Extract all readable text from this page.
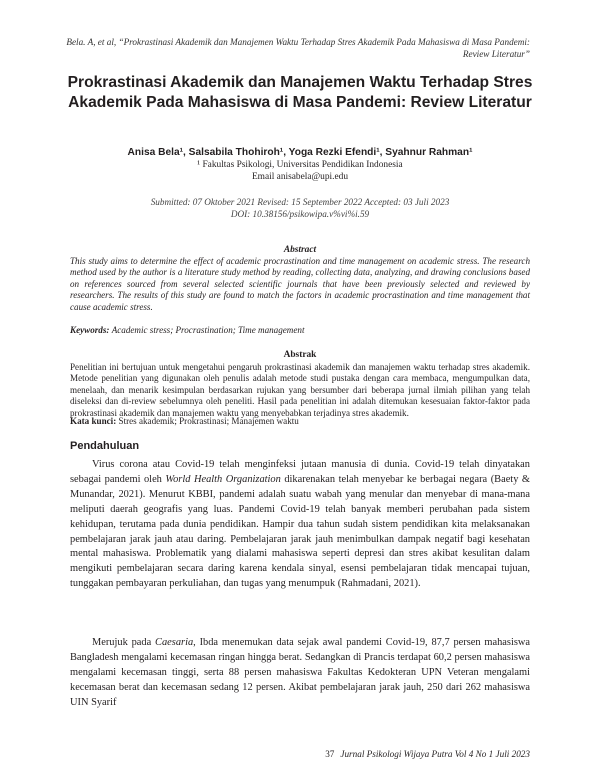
Bela. A, et al, “Prokrastinasi Akademik dan Manajemen Waktu Terhadap Stres Akademik Pada Mahasiswa di Masa Pandemi: Review Literatur”
Prokrastinasi Akademik dan Manajemen Waktu Terhadap Stres Akademik Pada Mahasiswa di Masa Pandemi: Review Literatur
Anisa Bela¹, Salsabila Thohiroh¹, Yoga Rezki Efendi¹, Syahnur Rahman¹
¹ Fakultas Psikologi, Universitas Pendidikan Indonesia
Email anisabela@upi.edu
Submitted: 07 Oktober 2021 Revised: 15 September 2022 Accepted: 03 Juli 2023
DOI: 10.38156/psikowipa.v%vi%i.59
Abstract
This study aims to determine the effect of academic procrastination and time management on academic stress. The research method used by the author is a literature study method by reading, collecting data, analyzing, and drawing conclusions based on references sourced from several selected scientific journals that have been previously selected and reviewed by researchers. The results of this study are found to match the factors in academic procrastination and time management that cause academic stress.
Keywords: Academic stress; Procrastination; Time management
Abstrak
Penelitian ini bertujuan untuk mengetahui pengaruh prokrastinasi akademik dan manajemen waktu terhadap stres akademik. Metode penelitian yang digunakan oleh penulis adalah metode studi pustaka dengan cara membaca, mengumpulkan data, menelaah, dan menarik kesimpulan berdasarkan rujukan yang bersumber dari beberapa jurnal ilmiah pilihan yang telah diseleksi dan di-review sebelumnya oleh peneliti. Hasil pada penelitian ini adalah ditemukan kesesuaian faktor-faktor pada prokrastinasi akademik dan manajemen waktu yang menyebabkan terjadinya stres akademik.
Kata kunci: Stres akademik; Prokrastinasi; Manajemen waktu
Pendahuluan
Virus corona atau Covid-19 telah menginfeksi jutaan manusia di dunia. Covid-19 telah dinyatakan sebagai pandemi oleh World Health Organization dikarenakan telah menyebar ke berbagai negara (Baety & Munandar, 2021). Menurut KBBI, pandemi adalah suatu wabah yang menular dan menyebar di mana-mana meliputi daerah geografis yang luas. Pandemi Covid-19 telah banyak memberi perubahan pada sistem kehidupan, terutama pada dunia pendidikan. Hampir dua tahun sudah sistem pendidikan kita melaksanakan pembelajaran jarak jauh atau daring. Pembelajaran jarak jauh menimbulkan dampak negatif bagi kesehatan mental mahasiswa. Problematik yang dialami mahasiswa seperti depresi dan stres akibat kesulitan dalam mengikuti pembelajaran secara daring karena kendala sinyal, esensi pembelajaran tidak mencapai tujuan, tunggakan pembayaran perkuliahan, dan tugas yang menumpuk (Rahmadani, 2021).
Merujuk pada Caesaria, Ibda menemukan data sejak awal pandemi Covid-19, 87,7 persen mahasiswa Bangladesh mengalami kecemasan ringan hingga berat. Sedangkan di Prancis terdapat 60,2 persen mahasiswa mengalami kecemasan tinggi, serta 88 persen mahasiswa Fakultas Kedokteran UPN Veteran mengalami kecemasan berat dan kecemasan sedang 12 persen. Akibat pembelajaran jarak jauh, 250 dari 262 mahasiswa UIN Syarif
37 Jurnal Psikologi Wijaya Putra Vol 4 No 1 Juli 2023
